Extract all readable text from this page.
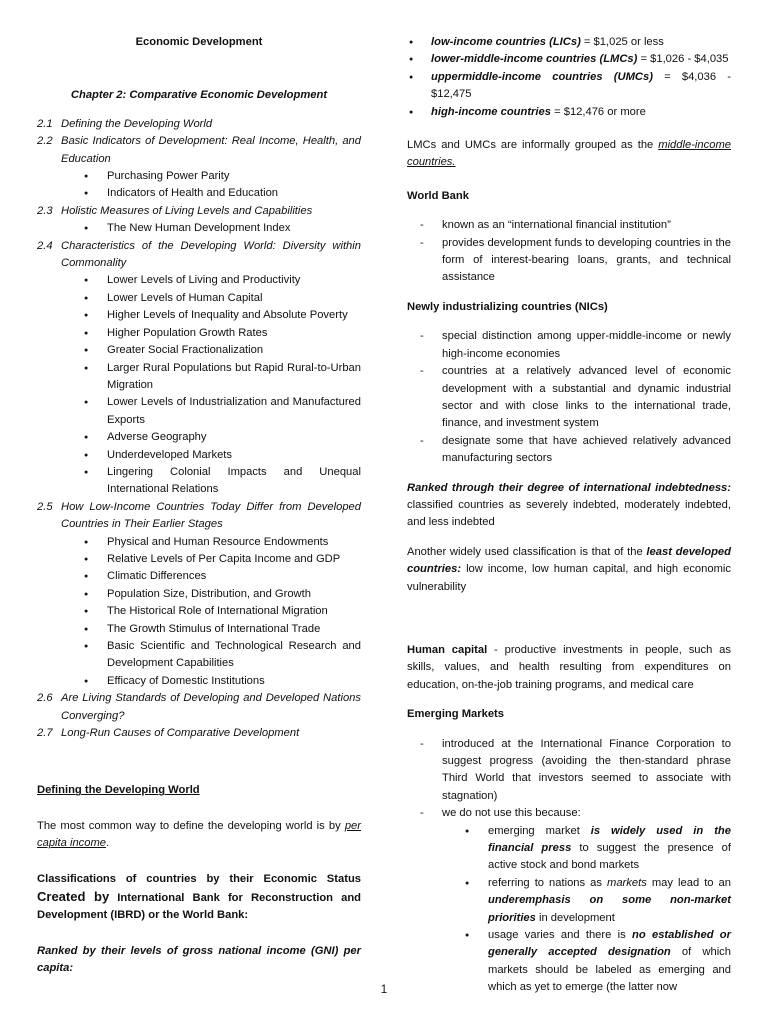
Economic Development

Chapter 2: Comparative Economic Development

2.1 Defining the Developing World
2.2 Basic Indicators of Development: Real Income, Health, and Education
● Purchasing Power Parity
● Indicators of Health and Education
2.3 Holistic Measures of Living Levels and Capabilities
● The New Human Development Index
2.4 Characteristics of the Developing World: Diversity within Commonality
● Lower Levels of Living and Productivity
● Lower Levels of Human Capital
● Higher Levels of Inequality and Absolute Poverty
● Higher Population Growth Rates
● Greater Social Fractionalization
● Larger Rural Populations but Rapid Rural-to-Urban Migration
● Lower Levels of Industrialization and Manufactured Exports
● Adverse Geography
● Underdeveloped Markets
● Lingering Colonial Impacts and Unequal International Relations
2.5 How Low-Income Countries Today Differ from Developed Countries in Their Earlier Stages
● Physical and Human Resource Endowments
● Relative Levels of Per Capita Income and GDP
● Climatic Differences
● Population Size, Distribution, and Growth
● The Historical Role of International Migration
● The Growth Stimulus of International Trade
● Basic Scientific and Technological Research and Development Capabilities
● Efficacy of Domestic Institutions
2.6 Are Living Standards of Developing and Developed Nations Converging?
2.7 Long-Run Causes of Comparative Development

Defining the Developing World

The most common way to define the developing world is by per capita income.

Classifications of countries by their Economic Status Created by International Bank for Reconstruction and Development (IBRD) or the World Bank:

Ranked by their levels of gross national income (GNI) per capita:

● low-income countries (LICs) = $1,025 or less
● lower-middle-income countries (LMCs) = $1,026 - $4,035
● uppermiddle-income countries (UMCs) = $4,036 - $12,475
● high-income countries = $12,476 or more

LMCs and UMCs are informally grouped as the middle-income countries.

World Bank

- known as an “international financial institution”
- provides development funds to developing countries in the form of interest-bearing loans, grants, and technical assistance

Newly industrializing countries (NICs)

- special distinction among upper-middle-income or newly high-income economies
- countries at a relatively advanced level of economic development with a substantial and dynamic industrial sector and with close links to the international trade, finance, and investment system
- designate some that have achieved relatively advanced manufacturing sectors

Ranked through their degree of international indebtedness: classified countries as severely indebted, moderately indebted, and less indebted

Another widely used classification is that of the least developed countries: low income, low human capital, and high economic vulnerability

Human capital - productive investments in people, such as skills, values, and health resulting from expenditures on education, on-the-job training programs, and medical care

Emerging Markets

- introduced at the International Finance Corporation to suggest progress (avoiding the then-standard phrase Third World that investors seemed to associate with stagnation)
- we do not use this because:
● emerging market is widely used in the financial press to suggest the presence of active stock and bond markets
● referring to nations as markets may lead to an underemphasis on some non-market priorities in development
● usage varies and there is no established or generally accepted designation of which markets should be labeled as emerging and which as yet to emerge (the latter now
1
